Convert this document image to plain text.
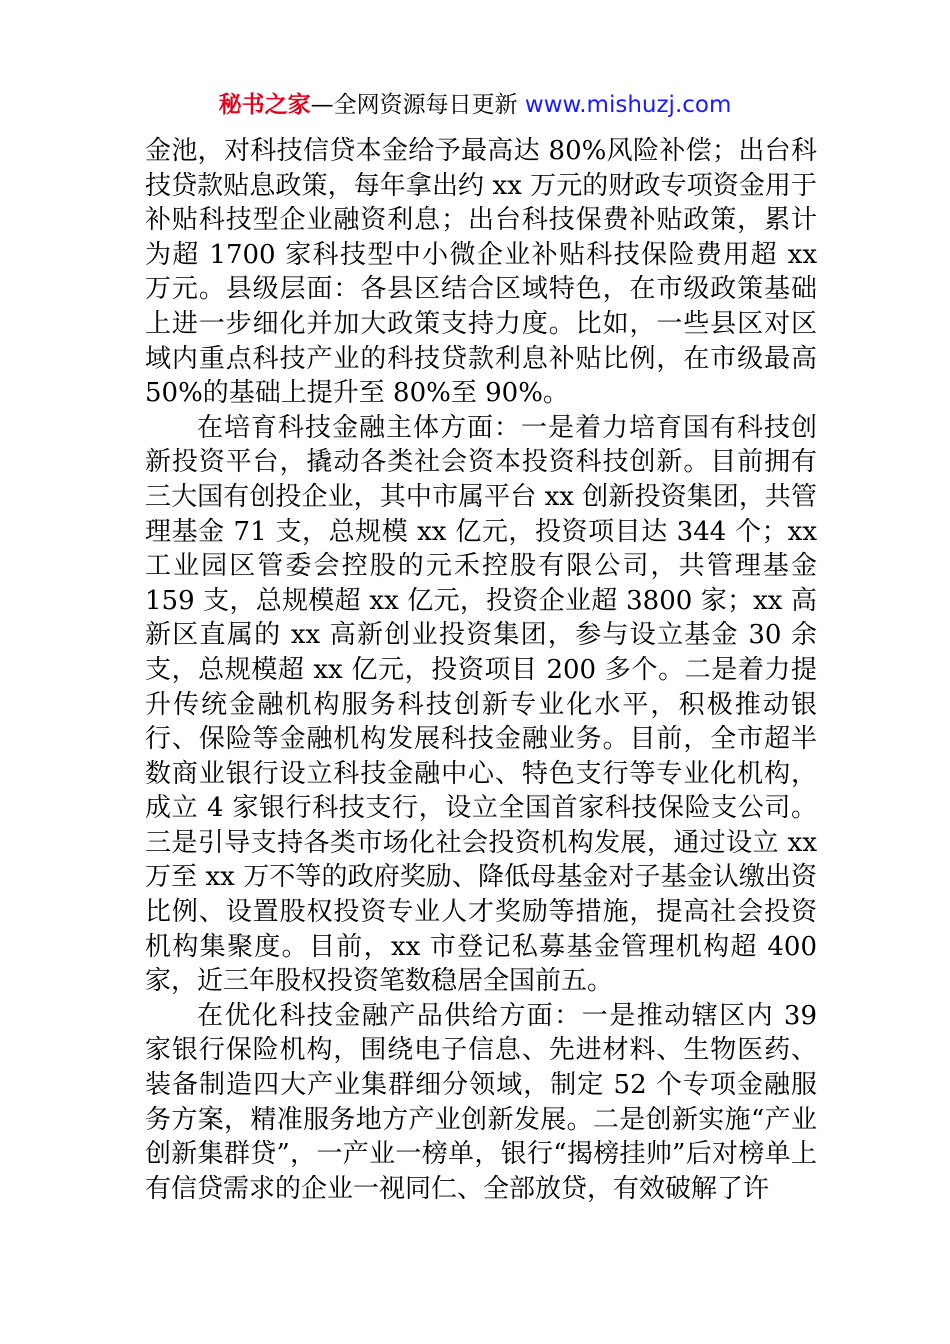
秘书之家—全网资源每日更新 www.mishuzj.com

金池，对科技信贷本金给予最高达 80%风险补偿；出台科技贷款贴息政策，每年拿出约 xx 万元的财政专项资金用于补贴科技型企业融资利息；出台科技保费补贴政策，累计为超 1700 家科技型中小微企业补贴科技保险费用超 xx 万元。县级层面：各县区结合区域特色，在市级政策基础上进一步细化并加大政策支持力度。比如，一些县区对区域内重点科技产业的科技贷款利息补贴比例，在市级最高 50%的基础上提升至 80%至 90%。

在培育科技金融主体方面：一是着力培育国有科技创新投资平台，撬动各类社会资本投资科技创新。目前拥有三大国有创投企业，其中市属平台 xx 创新投资集团，共管理基金 71 支，总规模 xx 亿元，投资项目达 344 个；xx 工业园区管委会控股的元禾控股有限公司，共管理基金 159 支，总规模超 xx 亿元，投资企业超 3800 家；xx 高新区直属的 xx 高新创业投资集团，参与设立基金 30 余支，总规模超 xx 亿元，投资项目 200 多个。二是着力提升传统金融机构服务科技创新专业化水平，积极推动银行、保险等金融机构发展科技金融业务。目前，全市超半数商业银行设立科技金融中心、特色支行等专业化机构，成立 4 家银行科技支行，设立全国首家科技保险支公司。三是引导支持各类市场化社会投资机构发展，通过设立 xx 万至 xx 万不等的政府奖励、降低母基金对子基金认缴出资比例、设置股权投资专业人才奖励等措施，提高社会投资机构集聚度。目前，xx 市登记私募基金管理机构超 400 家，近三年股权投资笔数稳居全国前五。

在优化科技金融产品供给方面：一是推动辖区内 39 家银行保险机构，围绕电子信息、先进材料、生物医药、装备制造四大产业集群细分领域，制定 52 个专项金融服务方案，精准服务地方产业创新发展。二是创新实施“产业创新集群贷”，一产业一榜单，银行“揭榜挂帅”后对榜单上有信贷需求的企业一视同仁、全部放贷，有效破解了许
